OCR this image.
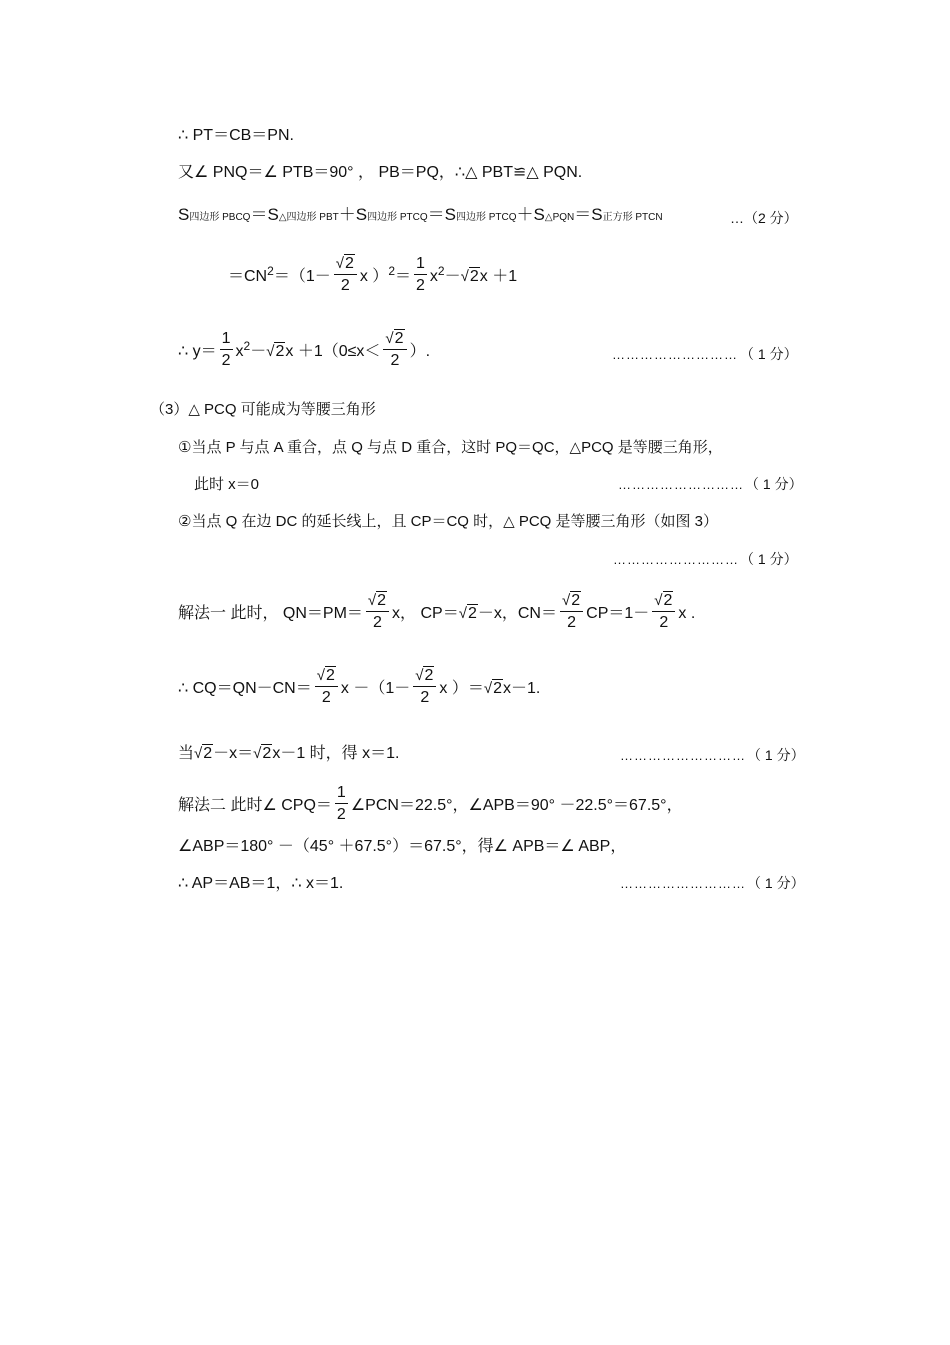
∴ PT＝CB＝PN.
又∠ PNQ＝∠ PTB＝90° ， PB＝PQ，∴△ PBT≌△ PQN.
S四边形 PBCQ＝S△四边形 PBT＋S四边形 PTCQ＝S四边形 PTCQ＋S△PQN＝S正方形 PTCN	…（2 分）
$=CN^2=(1- \frac{√2}{2}$ x ）$^2= \frac{1}{2} x^2-√2x +1$
∴ $y= \frac{1}{2} x^2-√2x +1(0\le x< \frac{√2}{2}$ ）.	……………………… （ 1 分）
（3）△ PCQ 可能成为等腰三角形
①当点 P 与点 A 重合，点 Q 与点 D 重合，这时 PQ＝QC，△PCQ 是等腰三角形，
此时 x＝0	……………………… （ 1 分）
②当点 Q 在边 DC 的延长线上，且 CP＝CQ 时，△ PCQ 是等腰三角形（如图 3）
……………………… （ 1 分）
解法一 此时， $QN=PM= \frac{√2}{2}$ x， CP＝√2－x，$CN= \frac{√2}{2} CP=1- \frac{√2}{2}$ x .
∴ $CQ=QN-CN= \frac{√2}{2}$ $x -(1- \frac{√2}{2}$ x ）＝√2x－1.
当√2－x＝√2x－1 时，得 x＝1.	……………………… （ 1 分）
解法二 此时∠ $CPQ= \frac{1}{2}$ ∠PCN＝22.5°，∠APB＝90° －22.5°＝67.5°，
∠ABP＝180° －（45° ＋67.5°）＝67.5°，得∠ APB＝∠ ABP，
∴ AP＝AB＝1，∴ x＝1.	……………………… （ 1 分）
